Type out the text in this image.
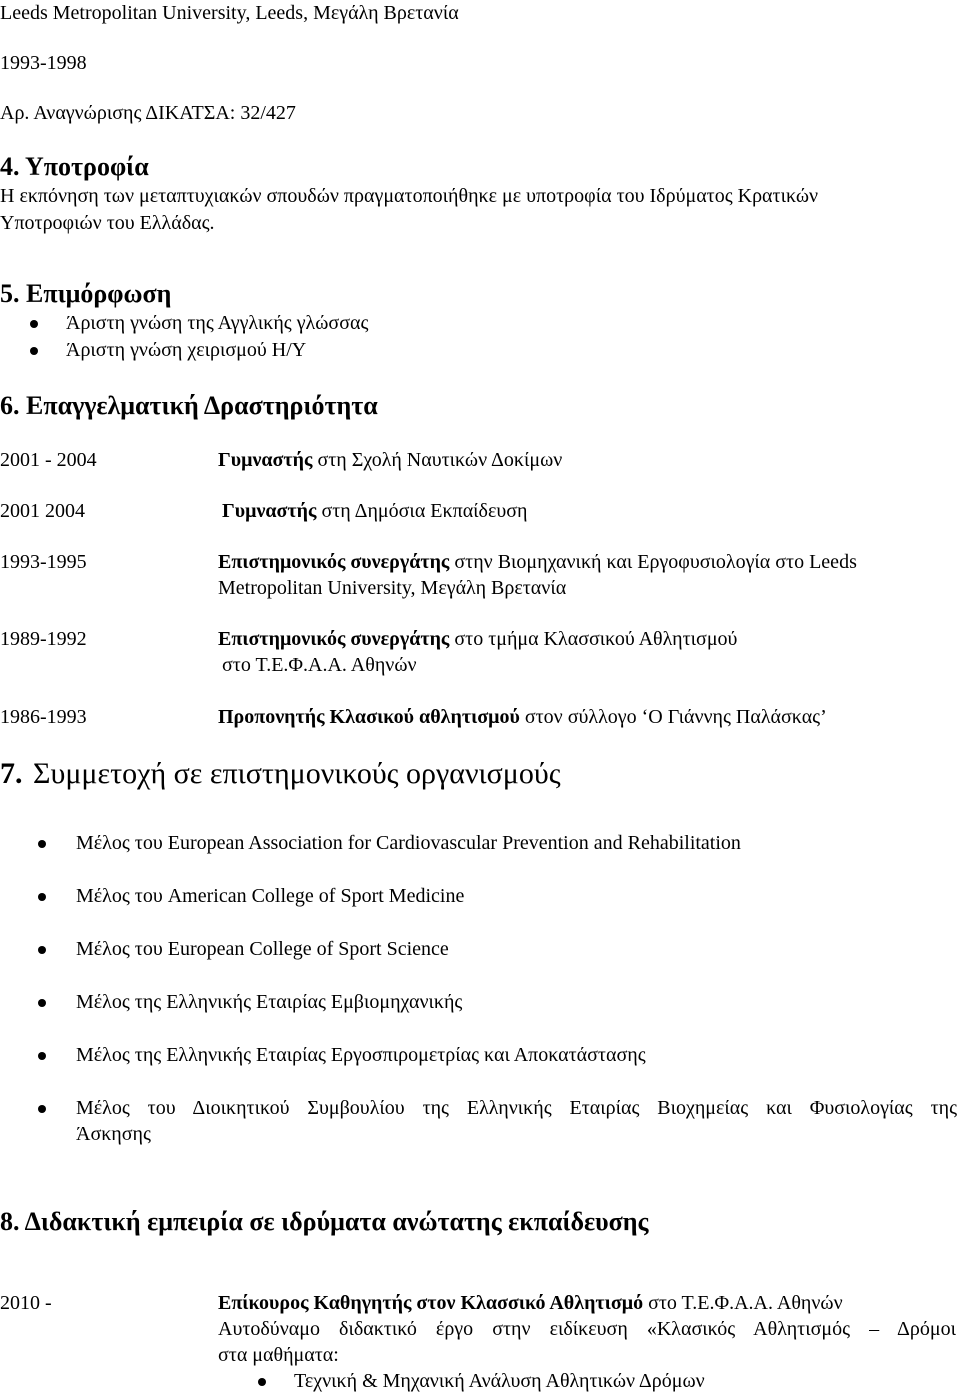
Leeds Metropolitan University, Leeds, Μεγάλη Βρετανία
1993-1998
Αρ. Αναγνώρισης ΔΙΚΑΤΣΑ: 32/427
4. Υποτροφία
Η εκπόνηση των μεταπτυχιακών σπουδών πραγματοποιήθηκε με υποτροφία του Ιδρύματος Κρατικών
Υποτροφιών του Ελλάδας.
5. Επιμόρφωση
Άριστη γνώση της Αγγλικής γλώσσας
Άριστη γνώση χειρισμού Η/Υ
6. Επαγγελματική Δραστηριότητα
2001 - 2004	Γυμναστής στη Σχολή Ναυτικών Δοκίμων
2001 2004	Γυμναστής στη Δημόσια Εκπαίδευση
1993-1995	Επιστημονικός συνεργάτης στην Βιομηχανική και Εργοφυσιολογία στο Leeds
Metropolitan University, Μεγάλη Βρετανία
1989-1992	Επιστημονικός συνεργάτης στο τμήμα Κλασσικού Αθλητισμού
στο Τ.Ε.Φ.Α.Α. Αθηνών
1986-1993	Προπονητής Κλασικού αθλητισμού στον σύλλογο ‘Ο Γιάννης Παλάσκας’
7. Συμμετοχή σε επιστημονικούς οργανισμούς
Μέλος του European Association for Cardiovascular Prevention and Rehabilitation
Μέλος του American College of Sport Medicine
Μέλος του European College of Sport Science
Μέλος της Ελληνικής Εταιρίας Εμβιομηχανικής
Μέλος της Ελληνικής Εταιρίας Εργοσπιρομετρίας και Αποκατάστασης
Μέλος του Διοικητικού Συμβουλίου της Ελληνικής Εταιρίας Βιοχημείας και Φυσιολογίας της
Άσκησης
8. Διδακτική εμπειρία σε ιδρύματα ανώτατης εκπαίδευσης
2010 -	Επίκουρος Καθηγητής στον Κλασσικό Αθλητισμό στο Τ.Ε.Φ.Α.Α. Αθηνών
Αυτοδύναμο διδακτικό έργο στην ειδίκευση «Κλασικός Αθλητισμός – Δρόμοι
στα μαθήματα:
Τεχνική & Μηχανική Ανάλυση Αθλητικών Δρόμων
